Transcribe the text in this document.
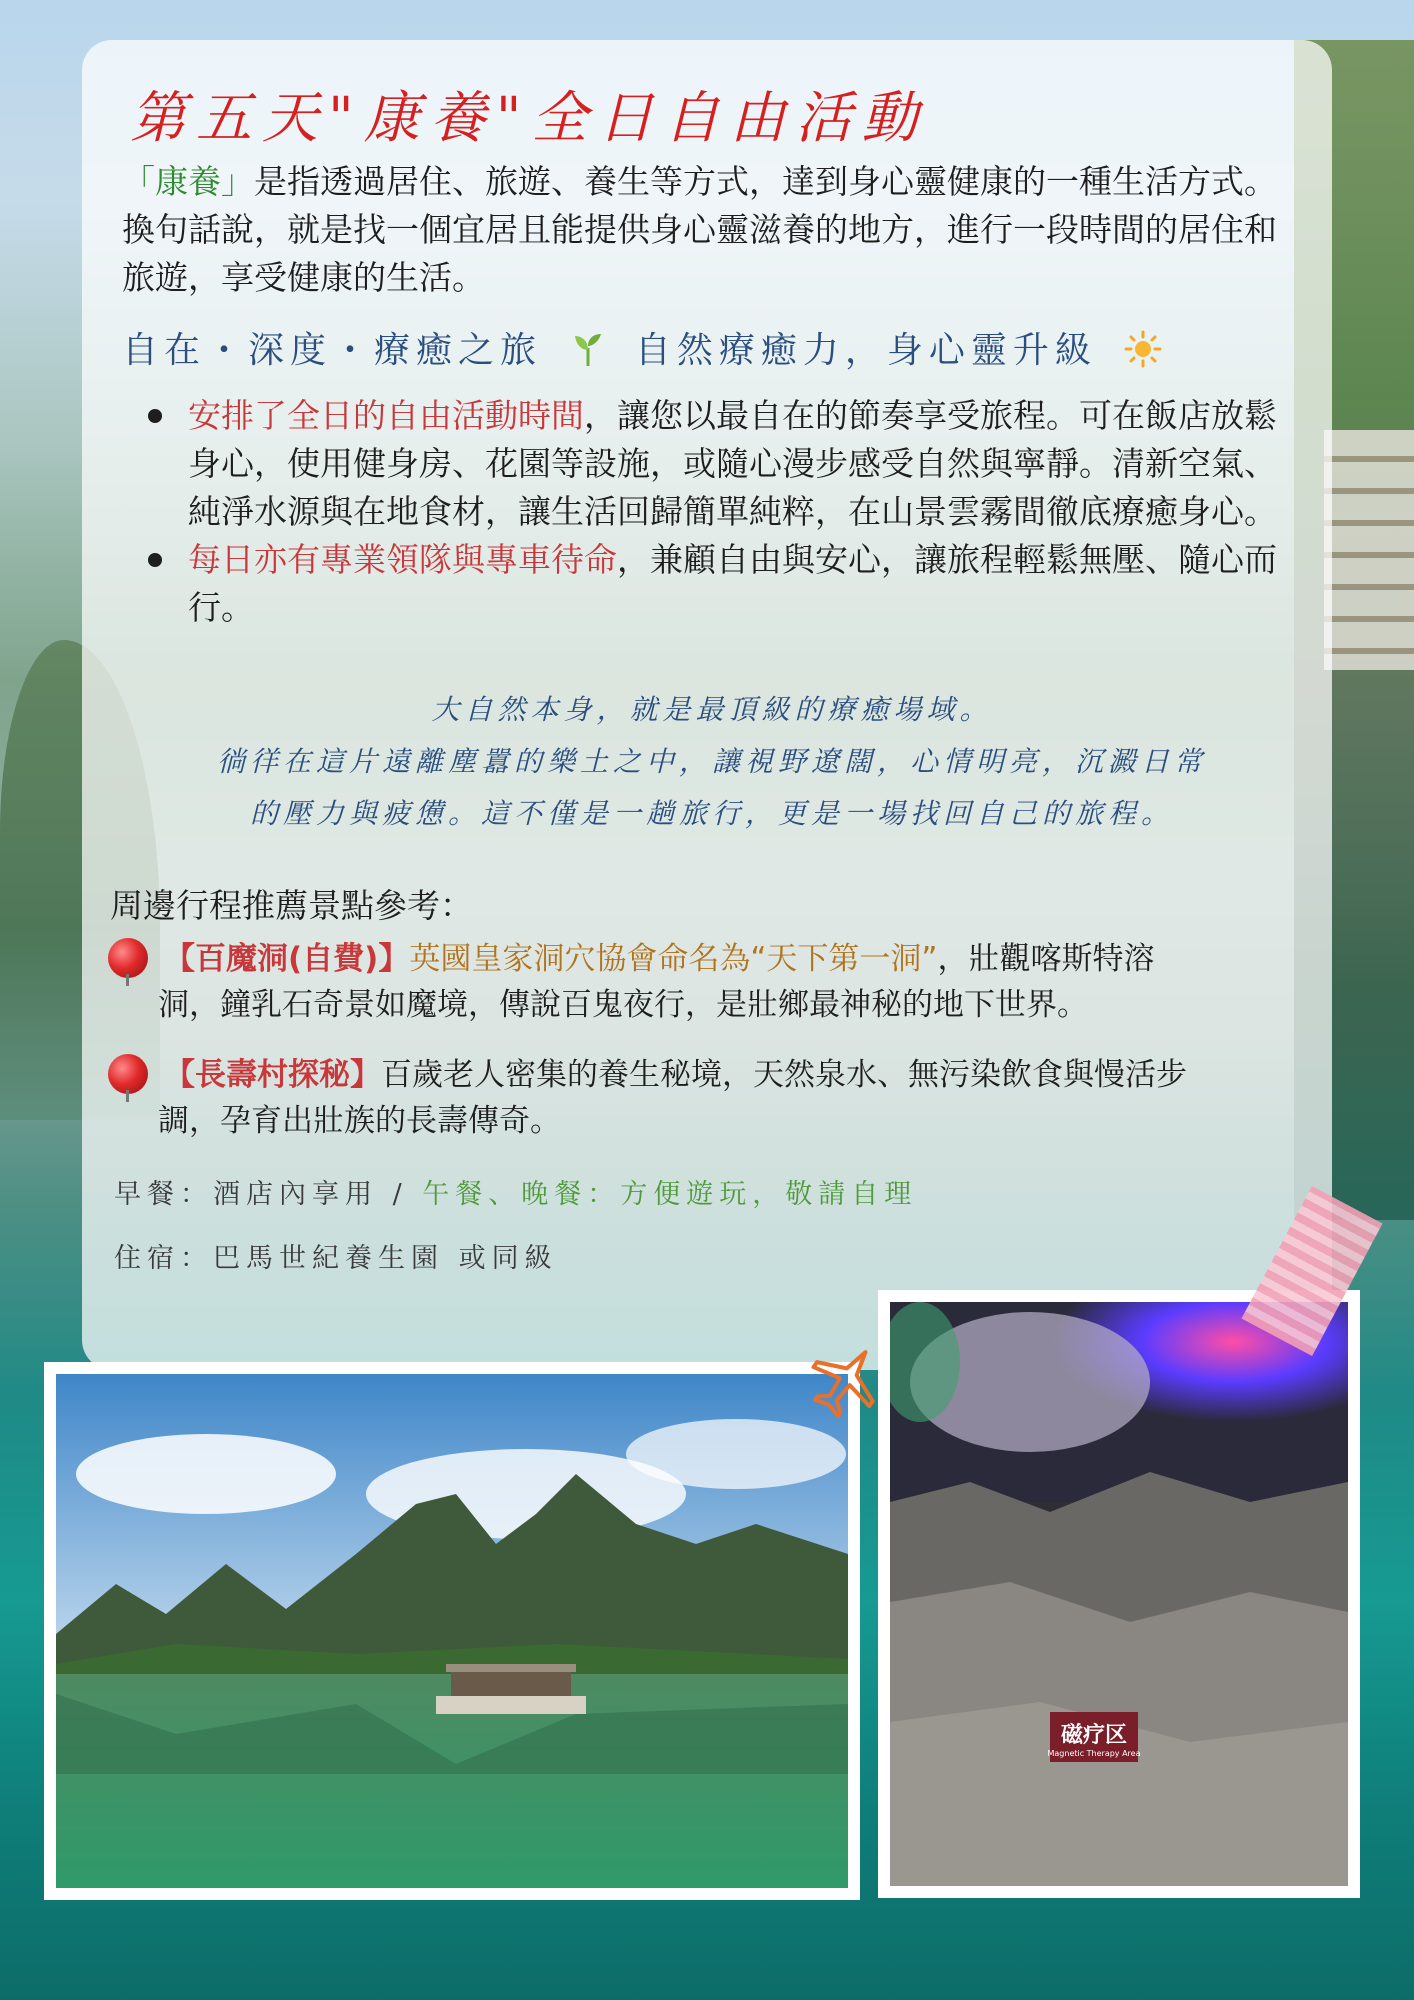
第五天"康養"全日自由活動
「康養」是指透過居住、旅遊、養生等方式，達到身心靈健康的一種生活方式。 換句話說，就是找一個宜居且能提供身心靈滋養的地方，進行一段時間的居住和旅遊，享受健康的生活。
自在・深度・療癒之旅	自然療癒力，身心靈升級
安排了全日的自由活動時間，讓您以最自在的節奏享受旅程。可在飯店放鬆身心，使用健身房、花園等設施，或隨心漫步感受自然與寧靜。清新空氣、純淨水源與在地食材，讓生活回歸簡單純粹，在山景雲霧間徹底療癒身心。
每日亦有專業領隊與專車待命，兼顧自由與安心，讓旅程輕鬆無壓、隨心而行。
大自然本身，就是最頂級的療癒場域。
徜徉在這片遠離塵囂的樂土之中，讓視野遼闊，心情明亮，沉澱日常
的壓力與疲憊。這不僅是一趟旅行，更是一場找回自己的旅程。
周邊行程推薦景點參考：
【百魔洞(自費)】英國皇家洞穴協會命名為“天下第一洞”，壯觀喀斯特溶
洞，鐘乳石奇景如魔境，傳說百鬼夜行，是壯鄉最神秘的地下世界。
【長壽村探秘】百歲老人密集的養生秘境，天然泉水、無污染飲食與慢活步
調，孕育出壯族的長壽傳奇。
早餐：酒店內享用 / 午餐、晚餐：方便遊玩，敬請自理
住宿：巴馬世紀養生園 或同級
磁疗区
Magnetic Therapy Area
